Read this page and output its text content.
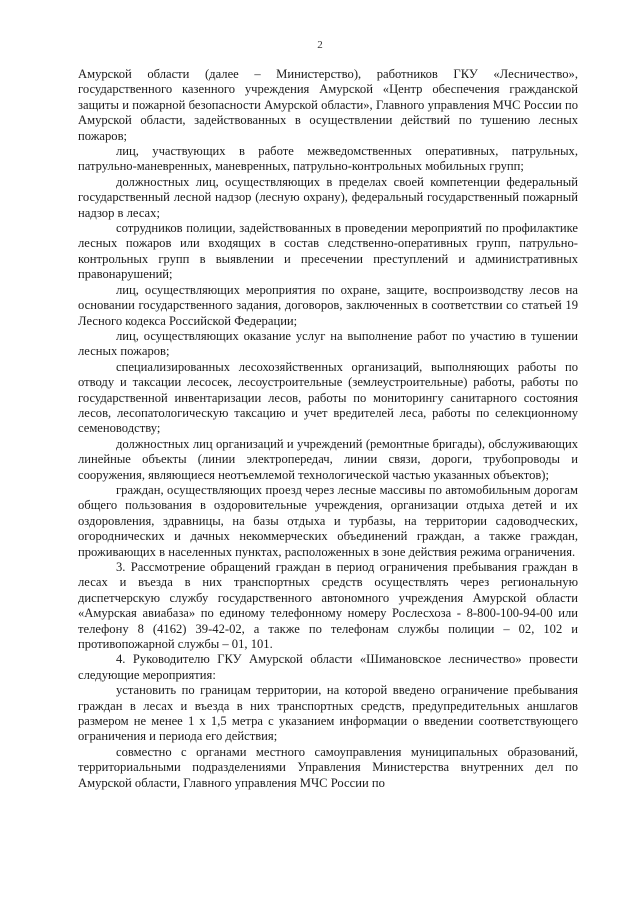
2

Амурской области (далее – Министерство), работников ГКУ «Лесничество», государственного казенного учреждения Амурской «Центр обеспечения гражданской защиты и пожарной безопасности Амурской области», Главного управления МЧС России по Амурской области, задействованных в осуществлении действий по тушению лесных пожаров;

лиц, участвующих в работе межведомственных оперативных, патрульных, патрульно-маневренных, маневренных, патрульно-контрольных мобильных групп;

должностных лиц, осуществляющих в пределах своей компетенции федеральный государственный лесной надзор (лесную охрану), федеральный государственный пожарный надзор в лесах;

сотрудников полиции, задействованных в проведении мероприятий по профилактике лесных пожаров или входящих в состав следственно-оперативных групп, патрульно-контрольных групп в выявлении и пресечении преступлений и административных правонарушений;

лиц, осуществляющих мероприятия по охране, защите, воспроизводству лесов на основании государственного задания, договоров, заключенных в соответствии со статьей 19 Лесного кодекса Российской Федерации;

лиц, осуществляющих оказание услуг на выполнение работ по участию в тушении лесных пожаров;

специализированных лесохозяйственных организаций, выполняющих работы по отводу и таксации лесосек, лесоустроительные (землеустроительные) работы, работы по государственной инвентаризации лесов, работы по мониторингу санитарного состояния лесов, лесопатологическую таксацию и учет вредителей леса, работы по селекционному семеноводству;

должностных лиц организаций и учреждений (ремонтные бригады), обслуживающих линейные объекты (линии электропередач, линии связи, дороги, трубопроводы и сооружения, являющиеся неотъемлемой технологической частью указанных объектов);

граждан, осуществляющих проезд через лесные массивы по автомобильным дорогам общего пользования в оздоровительные учреждения, организации отдыха детей и их оздоровления, здравницы, на базы отдыха и турбазы, на территории садоводческих, огороднических и дачных некоммерческих объединений граждан, а также граждан, проживающих в населенных пунктах, расположенных в зоне действия режима ограничения.

3. Рассмотрение обращений граждан в период ограничения пребывания граждан в лесах и въезда в них транспортных средств осуществлять через региональную диспетчерскую службу государственного автономного учреждения Амурской области «Амурская авиабаза» по единому телефонному номеру Рослесхоза - 8-800-100-94-00 или телефону 8 (4162) 39-42-02, а также по телефонам службы полиции – 02, 102 и противопожарной службы – 01, 101.

4. Руководителю ГКУ Амурской области «Шимановское лесничество» провести следующие мероприятия:

установить по границам территории, на которой введено ограничение пребывания граждан в лесах и въезда в них транспортных средств, предупредительных аншлагов размером не менее 1 х 1,5 метра с указанием информации о введении соответствующего ограничения и периода его действия;

совместно с органами местного самоуправления муниципальных образований, территориальными подразделениями Управления Министерства внутренних дел по Амурской области, Главного управления МЧС России по
